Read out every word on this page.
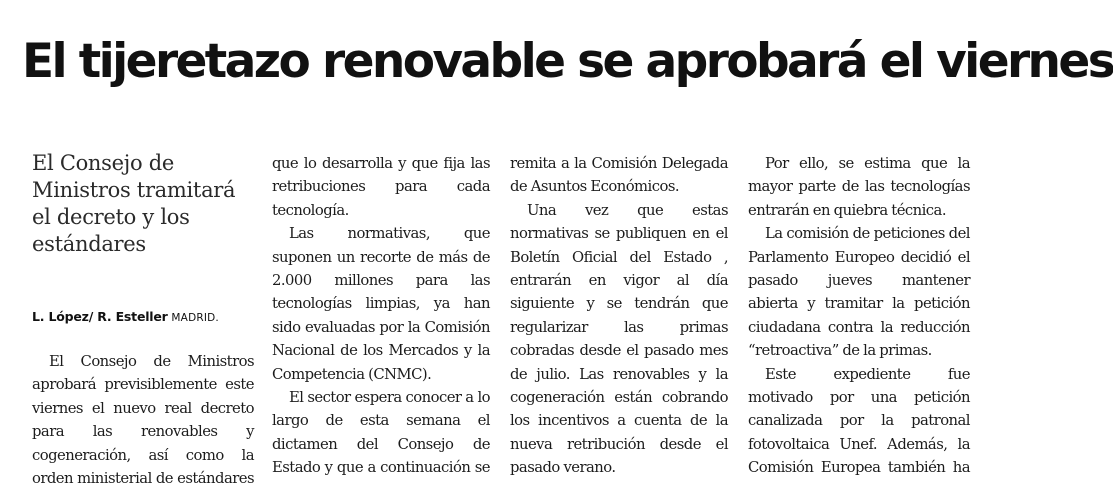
El tijeretazo renovable se aprobará el viernes
El Consejo de Ministros tramitará el decreto y los estándares
L. López/ R. Esteller MADRID.

El Consejo de Ministros aprobará previsiblemente este viernes el nuevo real decreto para las renovables y cogeneración, así como la orden ministerial de estándares

que lo desarrolla y que fija las retribuciones para cada tecnología.

Las normativas, que suponen un recorte de más de 2.000 millones para las tecnologías limpias, ya han sido evaluadas por la Comisión Nacional de los Mercados y la Competencia (CNMC).

El sector espera conocer a lo largo de esta semana el dictamen del Consejo de Estado y que a continuación se

remita a la Comisión Delegada de Asuntos Económicos.

Una vez que estas normativas se publiquen en el Boletín Oficial del Estado , entrarán en vigor al día siguiente y se tendrán que regularizar las primas cobradas desde el pasado mes de julio. Las renovables y la cogeneración están cobrando los incentivos a cuenta de la nueva retribución desde el pasado verano.

Por ello, se estima que la mayor parte de las tecnologías entrarán en quiebra técnica.

La comisión de peticiones del Parlamento Europeo decidió el pasado jueves mantener abierta y tramitar la petición ciudadana contra la reducción “retroactiva” de la primas.

Este expediente fue motivado por una petición canalizada por la patronal fotovoltaica Unef. Además, la Comisión Europea también ha
